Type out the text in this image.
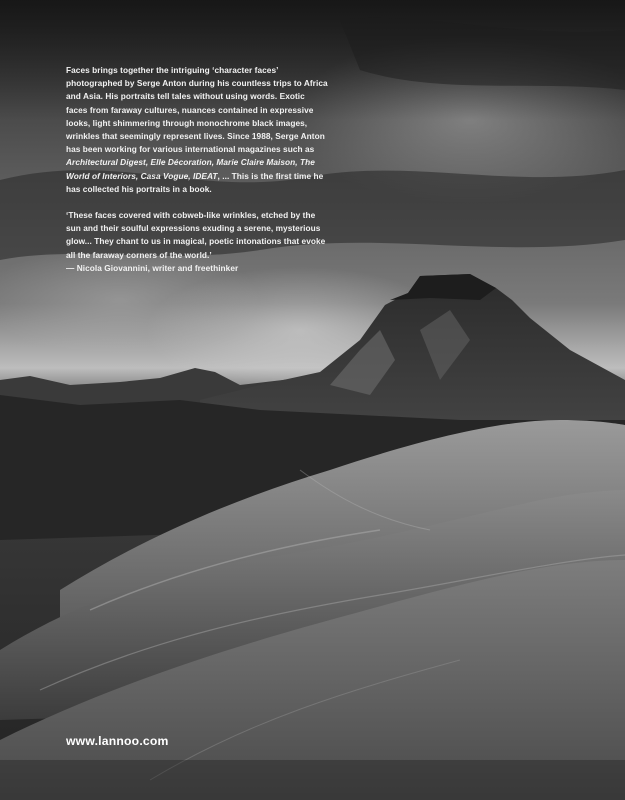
Faces brings together the intriguing ‘character faces’ photographed by Serge Anton during his countless trips to Africa and Asia. His portraits tell tales without using words. Exotic faces from faraway cultures, nuances contained in expressive looks, light shimmering through monochrome black images, wrinkles that seemingly represent lives. Since 1988, Serge Anton has been working for various international magazines such as Architectural Digest, Elle Décoration, Marie Claire Maison, The World of Interiors, Casa Vogue, IDEAT, ... This is the first time he has collected his portraits in a book.

‘These faces covered with cobweb-like wrinkles, etched by the sun and their soulful expressions exuding a serene, mysterious glow... They chant to us in magical, poetic intonations that evoke all the faraway corners of the world.’
— Nicola Giovannini, writer and freethinker

www.lannoo.com
